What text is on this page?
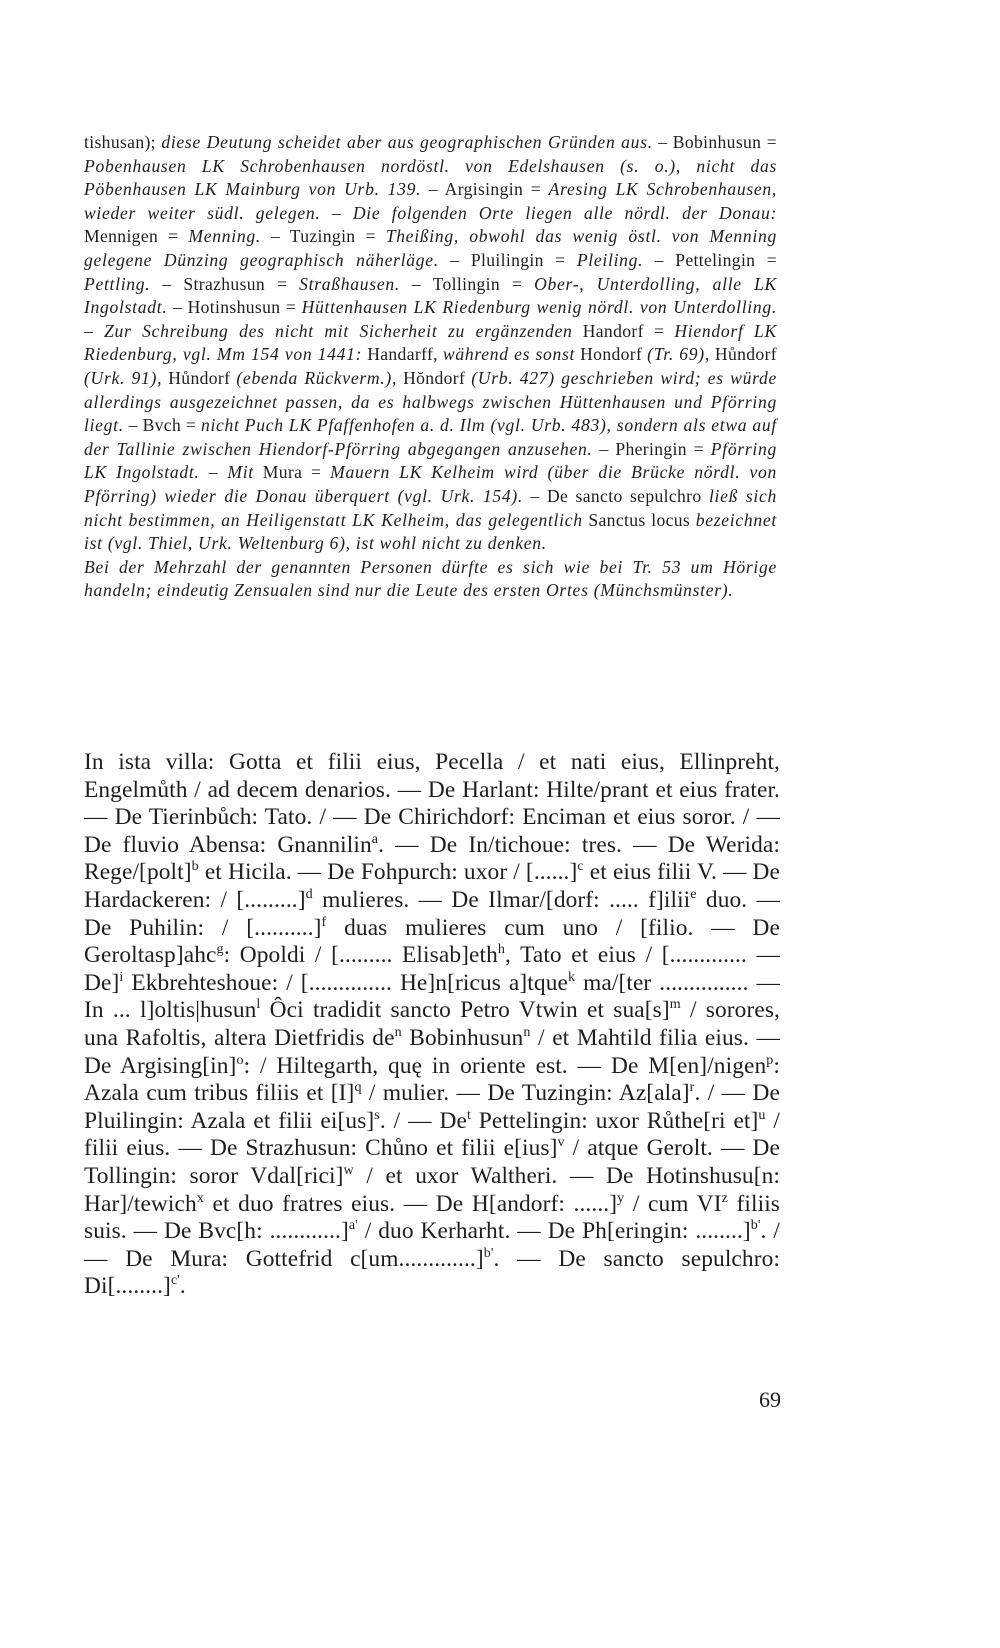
tishusan); diese Deutung scheidet aber aus geographischen Gründen aus. – Bobinhusun = Pobenhausen LK Schrobenhausen nordöstl. von Edelshausen (s. o.), nicht das Pöbenhausen LK Mainburg von Urb. 139. – Argisingin = Aresing LK Schrobenhausen, wieder weiter südl. gelegen. – Die folgenden Orte liegen alle nördl. der Donau: Mennigen = Menning. – Tuzingin = Theißing, obwohl das wenig östl. von Menning gelegene Dünzing geographisch näherläge. – Pluilingin = Pleiling. – Pettelingin = Pettling. – Strazhusun = Straßhausen. – Tollingin = Ober-, Unterdolling, alle LK Ingolstadt. – Hotinshusun = Hüttenhausen LK Riedenburg wenig nördl. von Unterdolling. – Zur Schreibung des nicht mit Sicherheit zu ergänzenden Handorf = Hiendorf LK Riedenburg, vgl. Mm 154 von 1441: Handarff, während es sonst Hondorf (Tr. 69), Hůndorf (Urk. 91), Hůndorf (ebenda Rückverm.), Hŏndorf (Urb. 427) geschrieben wird; es würde allerdings ausgezeichnet passen, da es halbwegs zwischen Hüttenhausen und Pförring liegt. – Bvch = nicht Puch LK Pfaffenhofen a. d. Ilm (vgl. Urb. 483), sondern als etwa auf der Tallinie zwischen Hiendorf-Pförring abgegangen anzusehen. – Pheringin = Pförring LK Ingolstadt. – Mit Mura = Mauern LK Kelheim wird (über die Brücke nördl. von Pförring) wieder die Donau überquert (vgl. Urk. 154). – De sancto sepulchro ließ sich nicht bestimmen, an Heiligenstatt LK Kelheim, das gelegentlich Sanctus locus bezeichnet ist (vgl. Thiel, Urk. Weltenburg 6), ist wohl nicht zu denken.

Bei der Mehrzahl der genannten Personen dürfte es sich wie bei Tr. 53 um Hörige handeln; eindeutig Zensualen sind nur die Leute des ersten Ortes (Münchsmünster).

In ista villa: Gotta et filii eius, Pecella / et nati eius, Ellinpreht, Engelmůth / ad decem denarios. — De Harlant: Hilte/prant et eius frater. — De Tierinbůch: Tato. / — De Chirichdorf: Enciman et eius soror. / — De fluvio Abensa: Gnannilin$^a$. — De In/tichoue: tres. — De Werida: Rege/[polt]$^b$ et Hicila. — De Fohpurch: uxor / [......]$^c$ et eius filii V. — De Hardackeren: / [.........]$^d$ mulieres. — De Ilmar/[dorf: ..... f]ilii$^e$ duo. — De Puhilin: / [..........]$^f$ duas mulieres cum uno / [filio. — De Geroltasp]ahc$^g$: Opoldi / [......... Elisab]eth$^h$, Tato et eius / [............. — De]$^i$ Ekbrehteshoue: / [.............. He]n[ricus a]tque$^k$ ma/[ter ............... — In ... l]oltis|husun$^l$ Ôci tradidit sancto Petro Vtwin et $sua[s]^m$ / sorores, una Rafoltis, altera Dietfridis $de^n$ Bobinhusun$^n$ / et Mahtild filia eius. — De Argising[in]$^o$: / Hiltegarth, quę in oriente est. — De M[en]/nigen$^p$: Azala cum tribus filiis et $[I]^q$ / mulier. — De Tuzingin: Az[ala]$^r$. / — De Pluilingin: Azala et filii ei[us]$^s$. / — De$^t$ Pettelingin: uxor Růthe[ri et]$^u$ / filii eius. — De Strazhusun: Chůno et filii e[ius]$^v$ / atque Gerolt. — De Tollingin: soror Vdal[rici]$^w$ / et uxor Waltheri. — De Hotinshusu[n: Har]/tewich$^x$ et duo fratres eius. — De H[andorf: ......]$^y$ / cum $VI^z$ filiis suis. — De Bvc[h: ............]$^{a'}$ / duo Kerharht. — De Ph[eringin: ........]$^{b'}$. / — De Mura: Gottefrid $c[um.............]^{b'}$. — De sancto sepulchro: Di[........]$^{c'}$.

69
